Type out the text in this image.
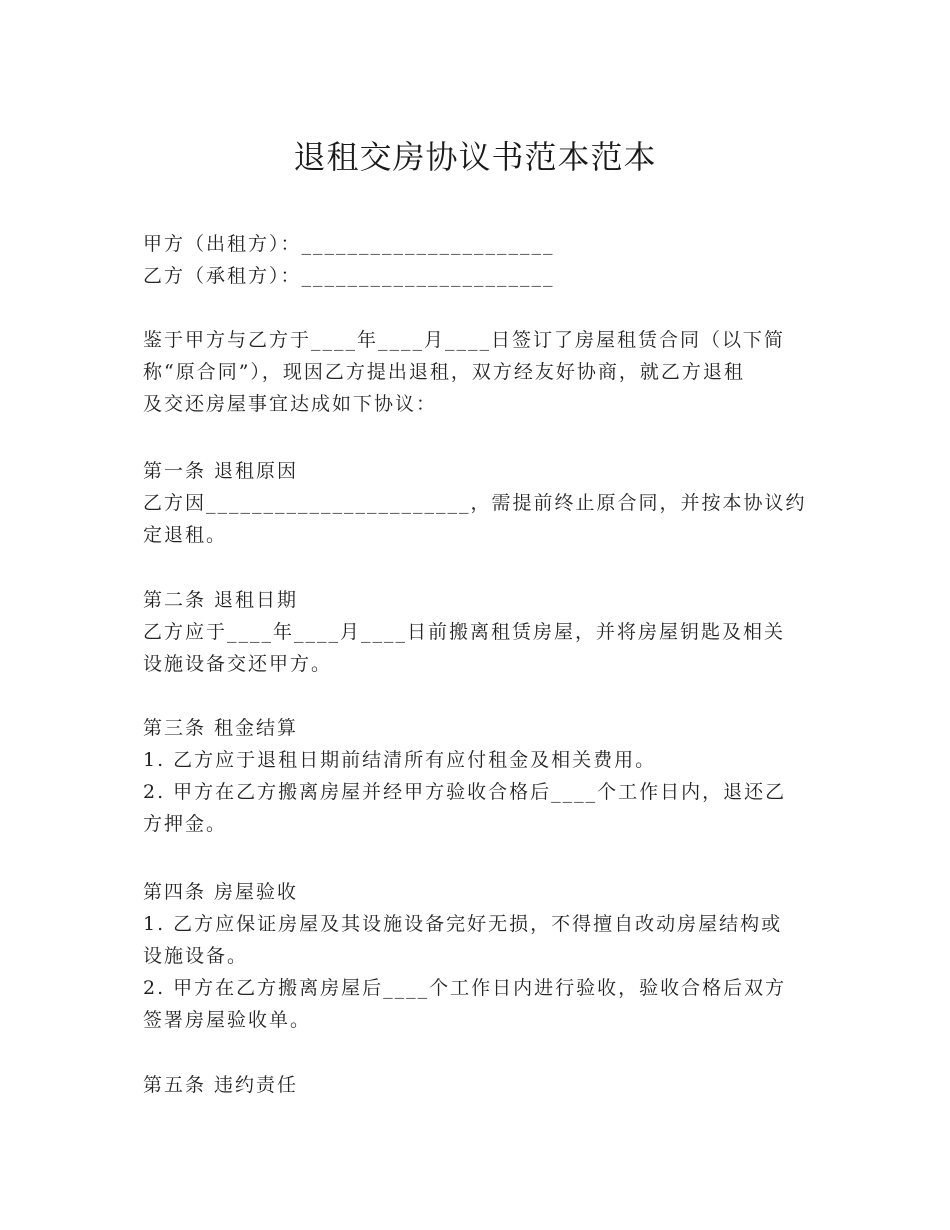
退租交房协议书范本范本
甲方（出租方）：______________________
乙方（承租方）：______________________
鉴于甲方与乙方于____年____月____日签订了房屋租赁合同（以下简
称“原合同”），现因乙方提出退租，双方经友好协商，就乙方退租
及交还房屋事宜达成如下协议：
第一条 退租原因
乙方因_______________________，需提前终止原合同，并按本协议约
定退租。
第二条 退租日期
乙方应于____年____月____日前搬离租赁房屋，并将房屋钥匙及相关
设施设备交还甲方。
第三条 租金结算
1. 乙方应于退租日期前结清所有应付租金及相关费用。
2. 甲方在乙方搬离房屋并经甲方验收合格后____个工作日内，退还乙
方押金。
第四条 房屋验收
1. 乙方应保证房屋及其设施设备完好无损，不得擅自改动房屋结构或
设施设备。
2. 甲方在乙方搬离房屋后____个工作日内进行验收，验收合格后双方
签署房屋验收单。
第五条 违约责任
